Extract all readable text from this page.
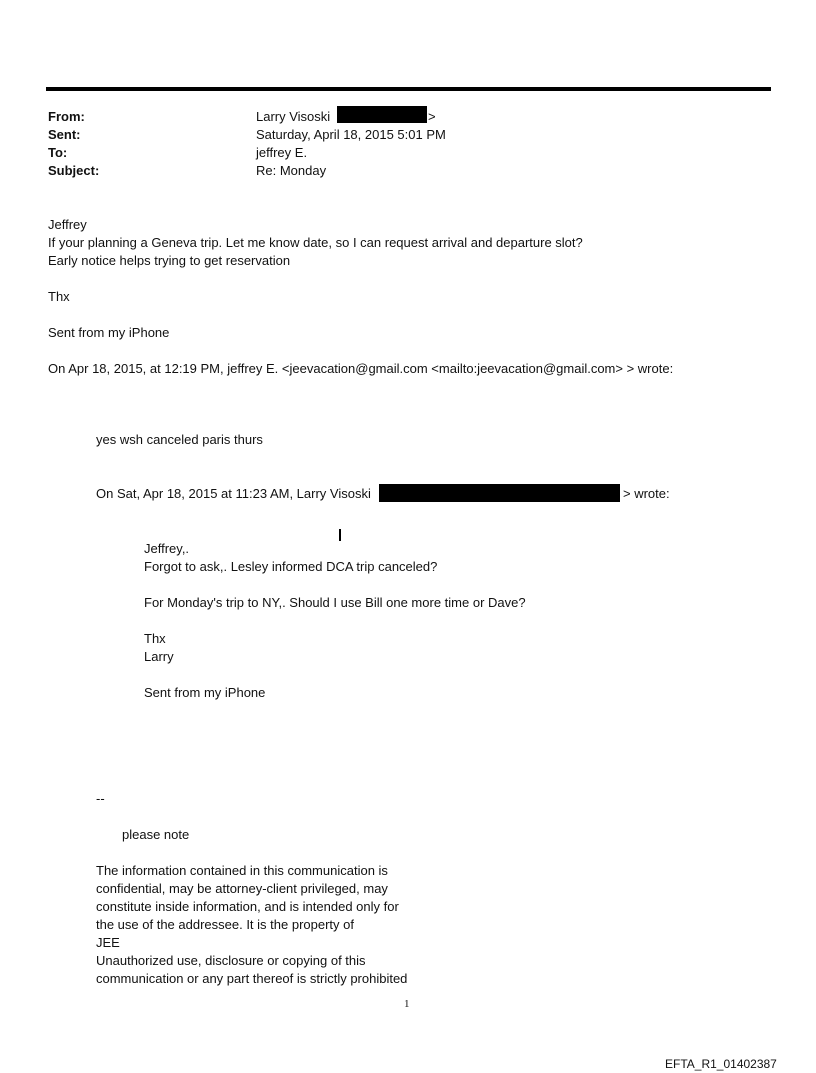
From:	Larry Visoski	>
Sent:	Saturday, April 18, 2015 5:01 PM
To:	jeffrey E.
Subject:	Re: Monday
Jeffrey
If your planning a Geneva trip. Let me know date, so I can request arrival and departure slot?
Early notice helps trying to get reservation
Thx
Sent from my iPhone
On Apr 18, 2015, at 12:19 PM, jeffrey E. <jeevacation@gmail.com <mailto:jeevacation@gmail.com> > wrote:
yes wsh canceled paris thurs
On Sat, Apr 18, 2015 at 11:23 AM, Larry Visoski	> wrote:
Jeffrey,.
Forgot to ask,. Lesley informed DCA trip canceled?
For Monday's trip to NY,. Should I use Bill one more time or Dave?
Thx
Larry
Sent from my iPhone
--
please note
The information contained in this communication is
confidential, may be attorney-client privileged, may
constitute inside information, and is intended only for
the use of the addressee. It is the property of
JEE
Unauthorized use, disclosure or copying of this
communication or any part thereof is strictly prohibited
1
EFTA_R1_01402387
